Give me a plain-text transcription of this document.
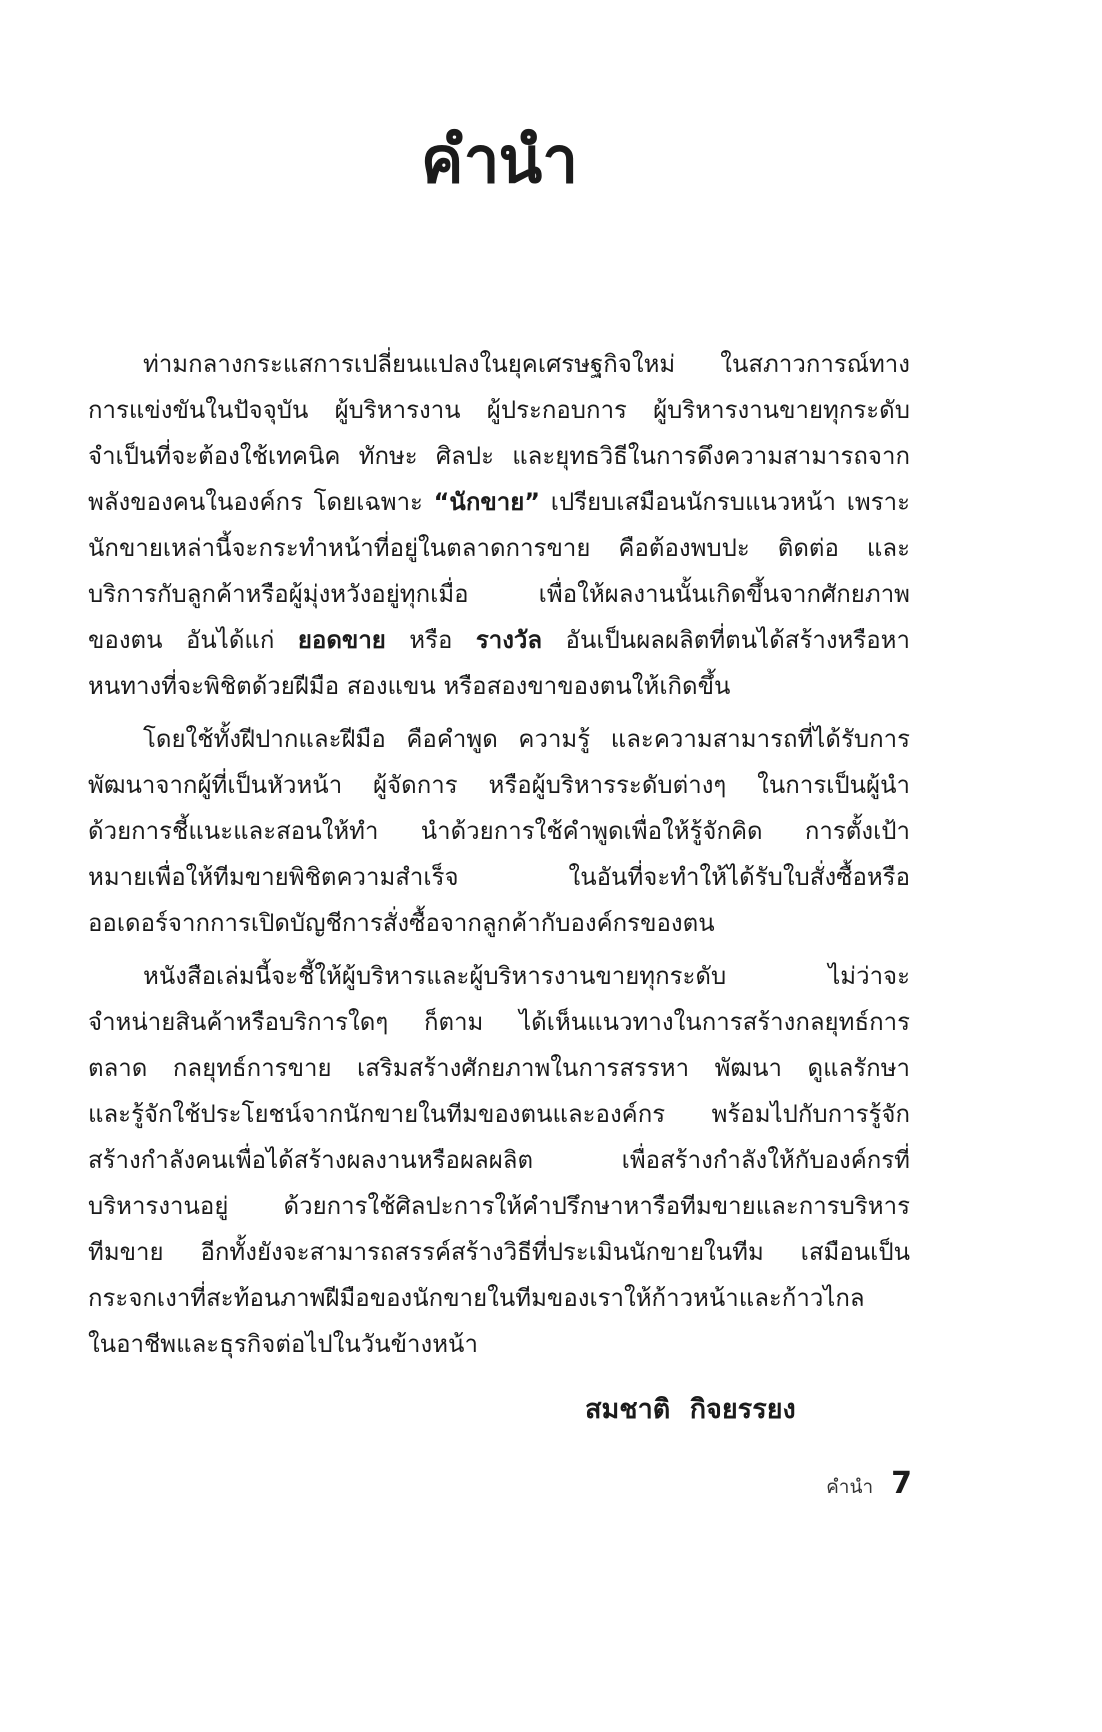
คำนำ
ท่ามกลางกระแสการเปลี่ยนแปลงในยุคเศรษฐกิจใหม่ ในสภาวการณ์ทาง
การแข่งขันในปัจจุบัน ผู้บริหารงาน ผู้ประกอบการ ผู้บริหารงานขายทุกระดับ
จำเป็นที่จะต้องใช้เทคนิค ทักษะ ศิลปะ และยุทธวิธีในการดึงความสามารถจาก
พลังของคนในองค์กร โดยเฉพาะ “นักขาย” เปรียบเสมือนนักรบแนวหน้า เพราะ
นักขายเหล่านี้จะกระทำหน้าที่อยู่ในตลาดการขาย คือต้องพบปะ ติดต่อ และ
บริการกับลูกค้าหรือผู้มุ่งหวังอยู่ทุกเมื่อ เพื่อให้ผลงานนั้นเกิดขึ้นจากศักยภาพ
ของตน อันได้แก่ ยอดขาย หรือ รางวัล อันเป็นผลผลิตที่ตนได้สร้างหรือหา
หนทางที่จะพิชิตด้วยฝีมือ สองแขน หรือสองขาของตนให้เกิดขึ้น
โดยใช้ทั้งฝีปากและฝีมือ คือคำพูด ความรู้ และความสามารถที่ได้รับการ
พัฒนาจากผู้ที่เป็นหัวหน้า ผู้จัดการ หรือผู้บริหารระดับต่างๆ ในการเป็นผู้นำ
ด้วยการชี้แนะและสอนให้ทำ นำด้วยการใช้คำพูดเพื่อให้รู้จักคิด การตั้งเป้า
หมายเพื่อให้ทีมขายพิชิตความสำเร็จ ในอันที่จะทำให้ได้รับใบสั่งซื้อหรือ
ออเดอร์จากการเปิดบัญชีการสั่งซื้อจากลูกค้ากับองค์กรของตน
หนังสือเล่มนี้จะชี้ให้ผู้บริหารและผู้บริหารงานขายทุกระดับ ไม่ว่าจะ
จำหน่ายสินค้าหรือบริการใดๆ ก็ตาม ได้เห็นแนวทางในการสร้างกลยุทธ์การ
ตลาด กลยุทธ์การขาย เสริมสร้างศักยภาพในการสรรหา พัฒนา ดูแลรักษา
และรู้จักใช้ประโยชน์จากนักขายในทีมของตนและองค์กร พร้อมไปกับการรู้จัก
สร้างกำลังคนเพื่อได้สร้างผลงานหรือผลผลิต เพื่อสร้างกำลังให้กับองค์กรที่
บริหารงานอยู่ ด้วยการใช้ศิลปะการให้คำปรึกษาหารือทีมขายและการบริหาร
ทีมขาย อีกทั้งยังจะสามารถสรรค์สร้างวิธีที่ประเมินนักขายในทีม เสมือนเป็น
กระจกเงาที่สะท้อนภาพฝีมือของนักขายในทีมของเราให้ก้าวหน้าและก้าวไกล
ในอาชีพและธุรกิจต่อไปในวันข้างหน้า
สมชาติ กิจยรรยง
คำนำ 7
